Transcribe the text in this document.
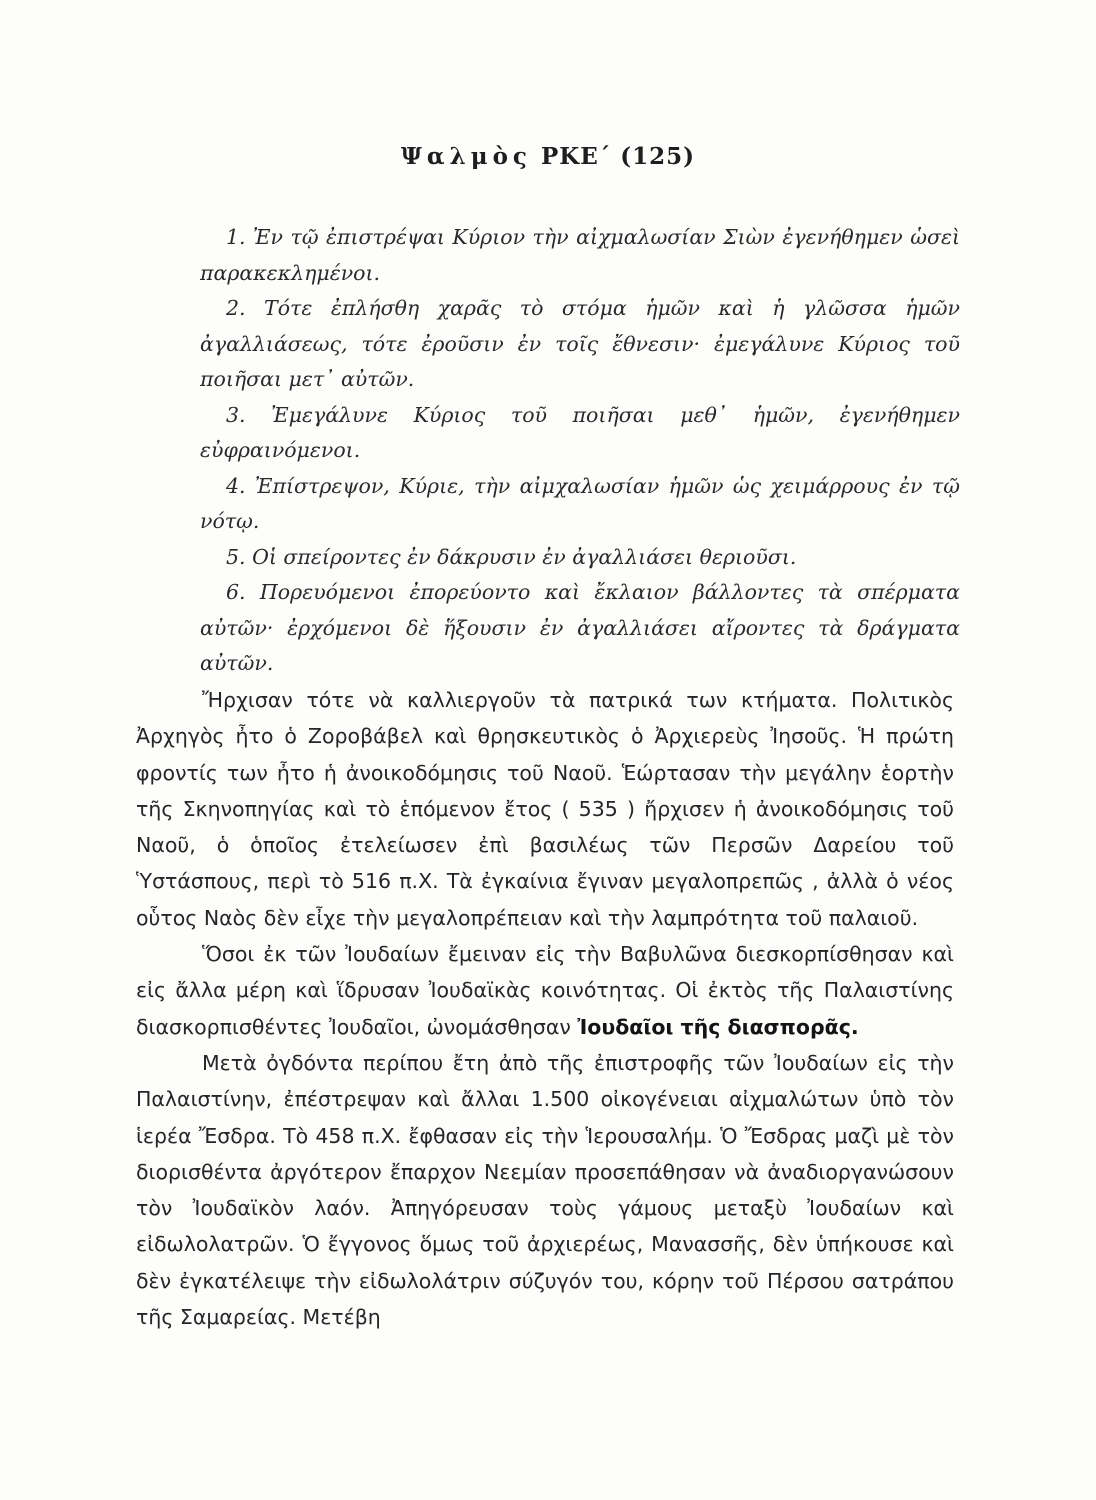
Ψαλμὸς ΡΚΕ΄ (125)

1. Ἐν τῷ ἐπιστρέψαι Κύριον τὴν αἰχμαλωσίαν Σιὼν ἐγενήθημεν ὡσεὶ παρακεκλημένοι.

2. Τότε ἐπλήσθη χαρᾶς τὸ στόμα ἡμῶν καὶ ἡ γλῶσσα ἡμῶν ἀγαλλιάσεως, τότε ἐροῦσιν ἐν τοῖς ἔθνεσιν· ἐμεγάλυνε Κύριος τοῦ ποιῆσαι μετ᾿ αὐτῶν.

3. Ἐμεγάλυνε Κύριος τοῦ ποιῆσαι μεθ᾿ ἡμῶν, ἐγενήθημεν εὐφραινόμενοι.

4. Ἐπίστρεψον, Κύριε, τὴν αἰμχαλωσίαν ἡμῶν ὡς χειμάρρους ἐν τῷ νότῳ.

5. Οἱ σπείροντες ἐν δάκρυσιν ἐν ἀγαλλιάσει θεριοῦσι.

6. Πορευόμενοι ἐπορεύοντο καὶ ἔκλαιον βάλλοντες τὰ σπέρματα αὐτῶν· ἐρχόμενοι δὲ ἥξουσιν ἐν ἀγαλλιάσει αἴροντες τὰ δράγματα αὐτῶν.

Ἤρχισαν τότε νὰ καλλιεργοῦν τὰ πατρικά των κτήματα. Πολιτικὸς Ἀρχηγὸς ἦτο ὁ Ζοροβάβελ καὶ θρησκευτικὸς ὁ Ἀρχιερεὺς Ἰησοῦς. Ἡ πρώτη φροντίς των ἦτο ἡ ἀνοικοδόμησις τοῦ Ναοῦ. Ἑώρτασαν τὴν μεγάλην ἑορτὴν τῆς Σκηνοπηγίας καὶ τὸ ἑπόμενον ἔτος ( 535 ) ἤρχισεν ἡ ἀνοικοδόμησις τοῦ Ναοῦ, ὁ ὁποῖος ἐτελείωσεν ἐπὶ βασιλέως τῶν Περσῶν Δαρείου τοῦ Ὑστάσπους, περὶ τὸ 516 π.Χ. Τὰ ἐγκαίνια ἔγιναν μεγαλοπρεπῶς , ἀλλὰ ὁ νέος οὗτος Ναὸς δὲν εἶχε τὴν μεγαλοπρέπειαν καὶ τὴν λαμπρότητα τοῦ παλαιοῦ.

Ὅσοι ἐκ τῶν Ἰουδαίων ἔμειναν εἰς τὴν Βαβυλῶνα διεσκορπίσθησαν καὶ εἰς ἄλλα μέρη καὶ ἵδρυσαν Ἰουδαϊκὰς κοινότητας. Οἱ ἐκτὸς τῆς Παλαιστίνης διασκορπισθέντες Ἰουδαῖοι, ὠνομάσθησαν Ἰουδαῖοι τῆς διασπορᾶς.

Μετὰ ὀγδόντα περίπου ἔτη ἀπὸ τῆς ἐπιστροφῆς τῶν Ἰουδαίων εἰς τὴν Παλαιστίνην, ἐπέστρεψαν καὶ ἄλλαι 1.500 οἰκογένειαι αἰχμαλώτων ὑπὸ τὸν ἱερέα Ἔσδρα. Τὸ 458 π.Χ. ἔφθασαν εἰς τὴν Ἱερουσαλήμ. Ὁ Ἔσδρας μαζὶ μὲ τὸν διορισθέντα ἀργότερον ἔπαρχον Νεεμίαν προσεπάθησαν νὰ ἀναδιοργανώσουν τὸν Ἰουδαϊκὸν λαόν. Ἀπηγόρευσαν τοὺς γάμους μεταξὺ Ἰουδαίων καὶ εἰδωλολατρῶν. Ὁ ἔγγονος ὅμως τοῦ ἀρχιερέως, Μανασσῆς, δὲν ὑπήκουσε καὶ δὲν ἐγκατέλειψε τὴν εἰδωλολάτριν σύζυγόν του, κόρην τοῦ Πέρσου σατράπου τῆς Σαμαρείας. Μετέβη
